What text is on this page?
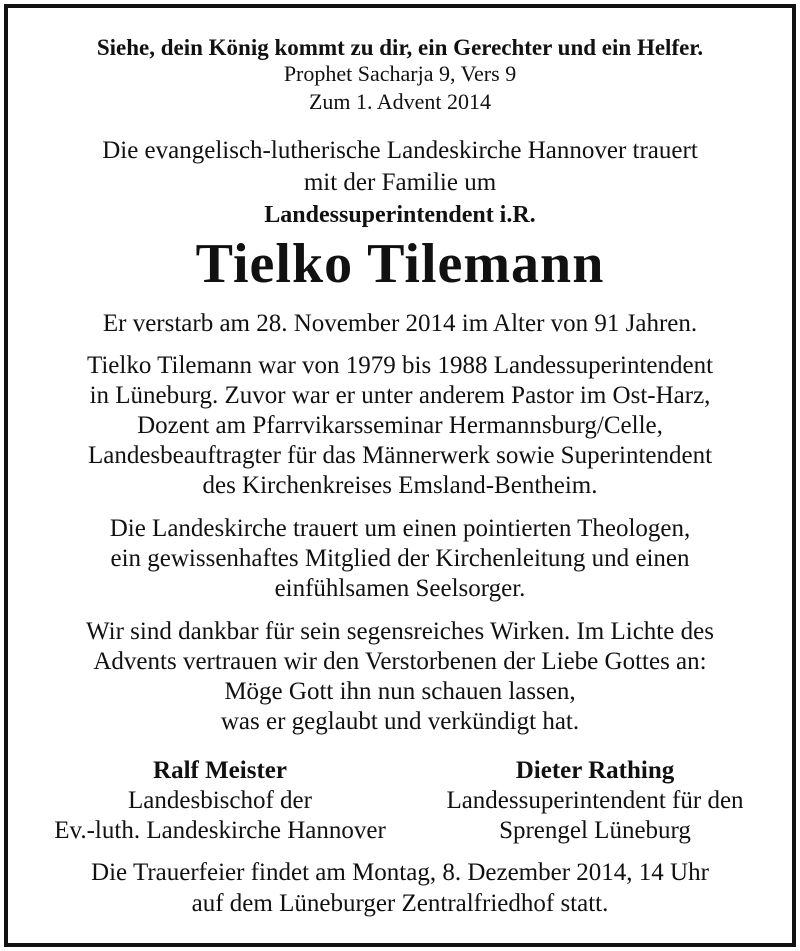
Siehe, dein König kommt zu dir, ein Gerechter und ein Helfer.
Prophet Sacharja 9, Vers 9
Zum 1. Advent 2014
Die evangelisch-lutherische Landeskirche Hannover trauert
mit der Familie um
Landessuperintendent i.R.
Tielko Tilemann
Er verstarb am 28. November 2014 im Alter von 91 Jahren.
Tielko Tilemann war von 1979 bis 1988 Landessuperintendent
in Lüneburg. Zuvor war er unter anderem Pastor im Ost-Harz,
Dozent am Pfarrvikarsseminar Hermannsburg/Celle,
Landesbeauftragter für das Männerwerk sowie Superintendent
des Kirchenkreises Emsland-Bentheim.
Die Landeskirche trauert um einen pointierten Theologen,
ein gewissenhaftes Mitglied der Kirchenleitung und einen
einfühlsamen Seelsorger.
Wir sind dankbar für sein segensreiches Wirken. Im Lichte des
Advents vertrauen wir den Verstorbenen der Liebe Gottes an:
Möge Gott ihn nun schauen lassen,
was er geglaubt und verkündigt hat.
Ralf Meister
Landesbischof der
Ev.-luth. Landeskirche Hannover
Dieter Rathing
Landessuperintendent für den
Sprengel Lüneburg
Die Trauerfeier findet am Montag, 8. Dezember 2014, 14 Uhr
auf dem Lüneburger Zentralfriedhof statt.
